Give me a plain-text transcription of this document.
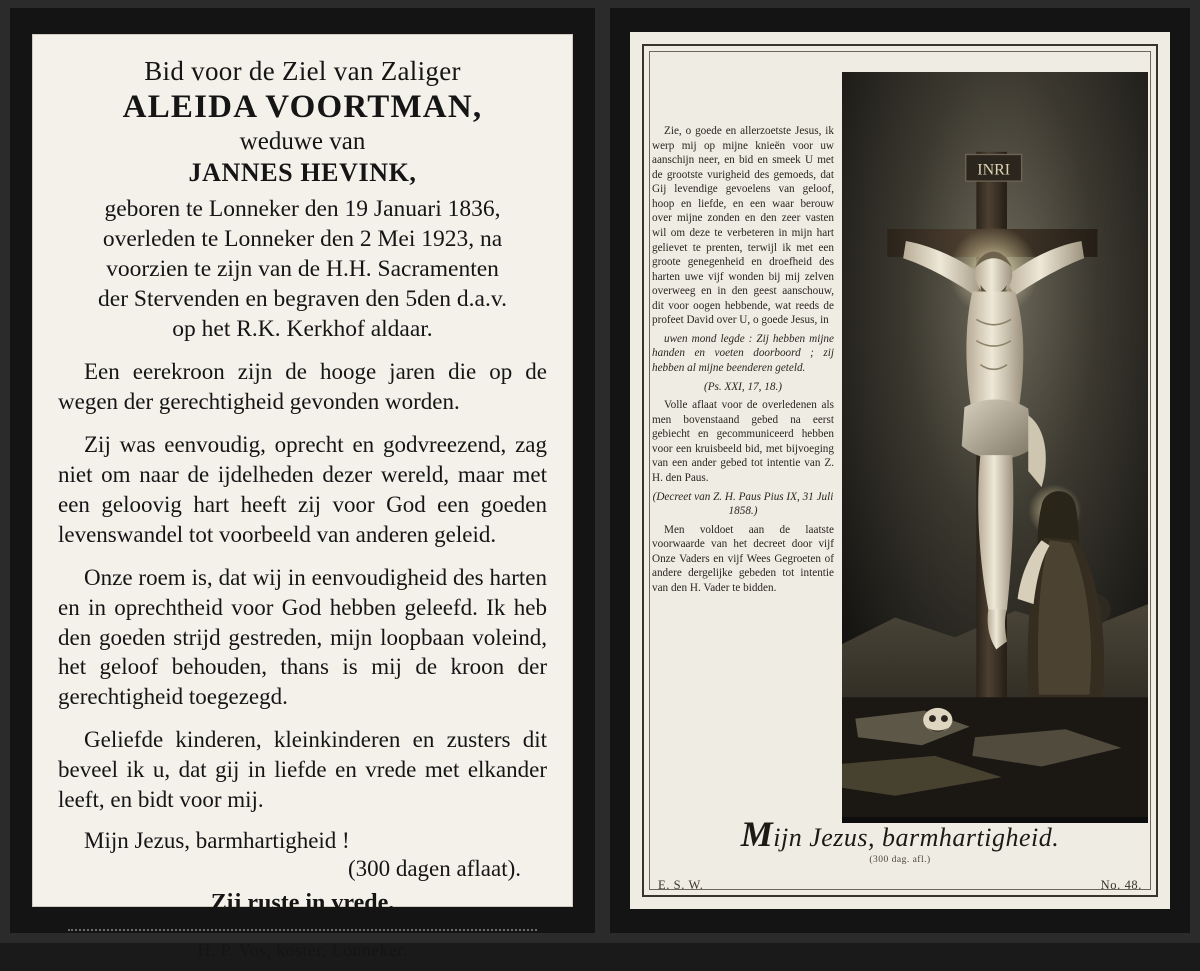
Bid voor de Ziel van Zaliger
ALEIDA VOORTMAN,
weduwe van
JANNES HEVINK,
geboren te Lonneker den 19 Januari 1836,
overleden te Lonneker den 2 Mei 1923, na
voorzien te zijn van de H.H. Sacramenten
der Stervenden en begraven den 5den d.a.v.
op het R.K. Kerkhof aldaar.
Een eerekroon zijn de hooge jaren die op de wegen der gerechtigheid gevonden worden.
Zij was eenvoudig, oprecht en godvreezend, zag niet om naar de ijdelheden dezer wereld, maar met een geloovig hart heeft zij voor God een goeden levenswandel tot voorbeeld van anderen geleid.
Onze roem is, dat wij in eenvoudigheid des harten en in oprechtheid voor God hebben geleefd. Ik heb den goeden strijd gestreden, mijn loopbaan voleind, het geloof behouden, thans is mij de kroon der gerechtigheid toegezegd.
Geliefde kinderen, kleinkinderen en zusters dit beveel ik u, dat gij in liefde en vrede met elkander leeft, en bidt voor mij.
Mijn Jezus, barmhartigheid !
(300 dagen aflaat).
Zij ruste in vrede.
H. P. Vos, koster, Lonneker.

Zie, o goede en allerzoetste Jesus, ik werp mij op mijne knieën voor uw aanschijn neer, en bid en smeek U met de grootste vurigheid des gemoeds, dat Gij levendige gevoelens van geloof, hoop en liefde, en een waar berouw over mijne zonden en den zeer vasten wil om deze te verbeteren in mijn hart gelievet te prenten, terwijl ik met een groote genegenheid en droefheid des harten uwe vijf wonden bij mij zelven overweeg en in den geest aanschouw, dit voor oogen hebbende, wat reeds de profeet David over U, o goede Jesus, in

uwen mond legde : Zij hebben mijne handen en voeten doorboord ; zij hebben al mijne beenderen geteld.

(Ps. XXI, 17, 18.)

Volle aflaat voor de overledenen als men bovenstaand gebed na eerst gebiecht en gecommuniceerd hebben voor een kruisbeeld bid, met bijvoeging van een ander gebed tot intentie van Z. H. den Paus.

(Decreet van Z. H. Paus Pius IX, 31 Juli 1858.)

Men voldoet aan de laatste voorwaarde van het decreet door vijf Onze Vaders en vijf Wees Gegroeten of andere dergelijke gebeden tot intentie van den H. Vader te bidden.

INRI
Mijn Jezus, barmhartigheid.
(300 dag. afl.)
E. S. W.	No. 48.
